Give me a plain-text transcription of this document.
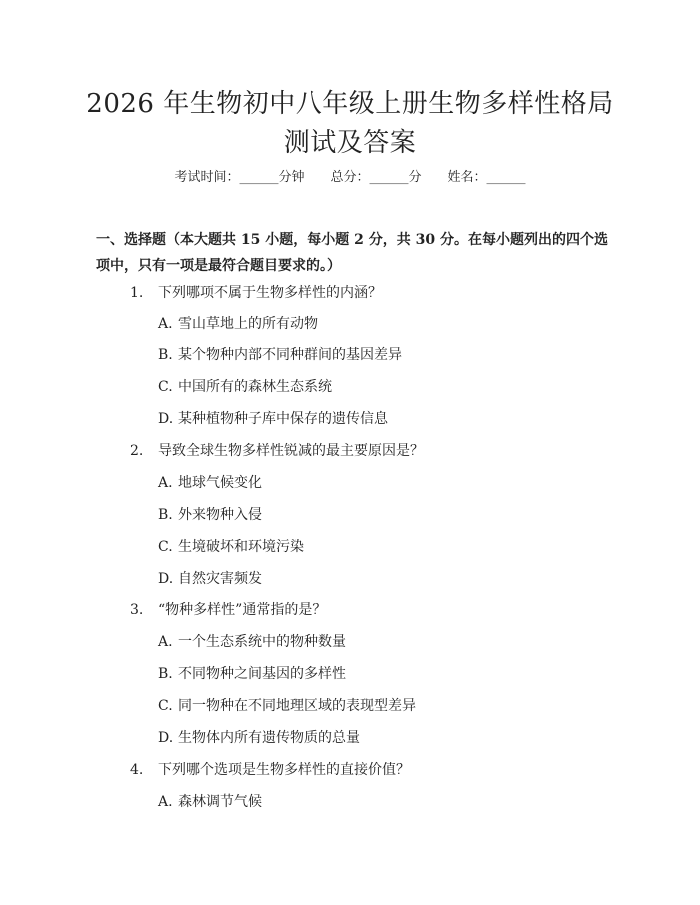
2026 年生物初中八年级上册生物多样性格局
测试及答案
考试时间：______分钟 总分：______分 姓名：______

一、选择题（本大题共 15 小题，每小题 2 分，共 30 分。在每小题列出的四个选项中，只有一项是最符合题目要求的。）

1. 下列哪项不属于生物多样性的内涵？
A. 雪山草地上的所有动物
B. 某个物种内部不同种群间的基因差异
C. 中国所有的森林生态系统
D. 某种植物种子库中保存的遗传信息
2. 导致全球生物多样性锐减的最主要原因是？
A. 地球气候变化
B. 外来物种入侵
C. 生境破坏和环境污染
D. 自然灾害频发
3. “物种多样性”通常指的是？
A. 一个生态系统中的物种数量
B. 不同物种之间基因的多样性
C. 同一物种在不同地理区域的表现型差异
D. 生物体内所有遗传物质的总量
4. 下列哪个选项是生物多样性的直接价值？
A. 森林调节气候
